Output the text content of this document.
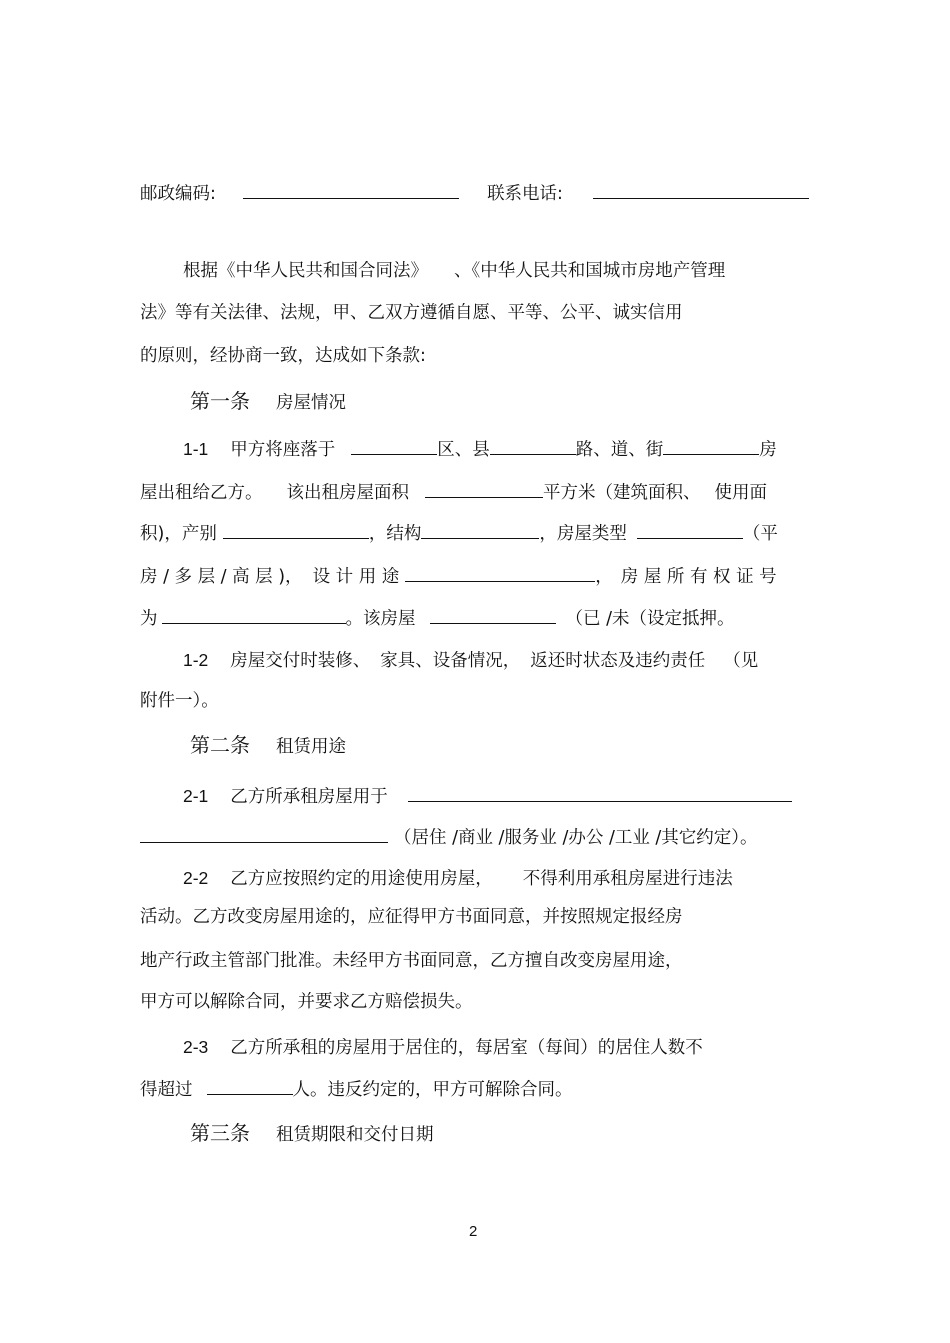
邮政编码:	联系电话:
根据《中华人民共和国合同法》 、《中华人民共和国城市房地产管理
法》等有关法律、法规，甲、乙双方遵循自愿、平等、公平、诚实信用
的原则，经协商一致，达成如下条款:
第一条 房屋情况
1-1 甲方将座落于	区、县	路、道、街	房
屋出租给乙方。 该出租房屋面积	平方米（建筑面积、 使用面
积)，产别	，结构	，房屋类型	（平
房 / 多 层 / 高 层 )， 设 计 用 途	， 房 屋 所 有 权 证 号
为	。该房屋	（已 /未（设定抵押。
1-2 房屋交付时装修、 家具、设备情况， 返还时状态及违约责任 （见
附件一）。
第二条 租赁用途
2-1 乙方所承租房屋用于
（居住 /商业 /服务业 /办公 /工业 /其它约定）。
2-2 乙方应按照约定的用途使用房屋， 不得利用承租房屋进行违法
活动。乙方改变房屋用途的，应征得甲方书面同意，并按照规定报经房
地产行政主管部门批准。未经甲方书面同意，乙方擅自改变房屋用途，
甲方可以解除合同，并要求乙方赔偿损失。
2-3 乙方所承租的房屋用于居住的，每居室（每间）的居住人数不
得超过	人。违反约定的，甲方可解除合同。
第三条 租赁期限和交付日期
2
